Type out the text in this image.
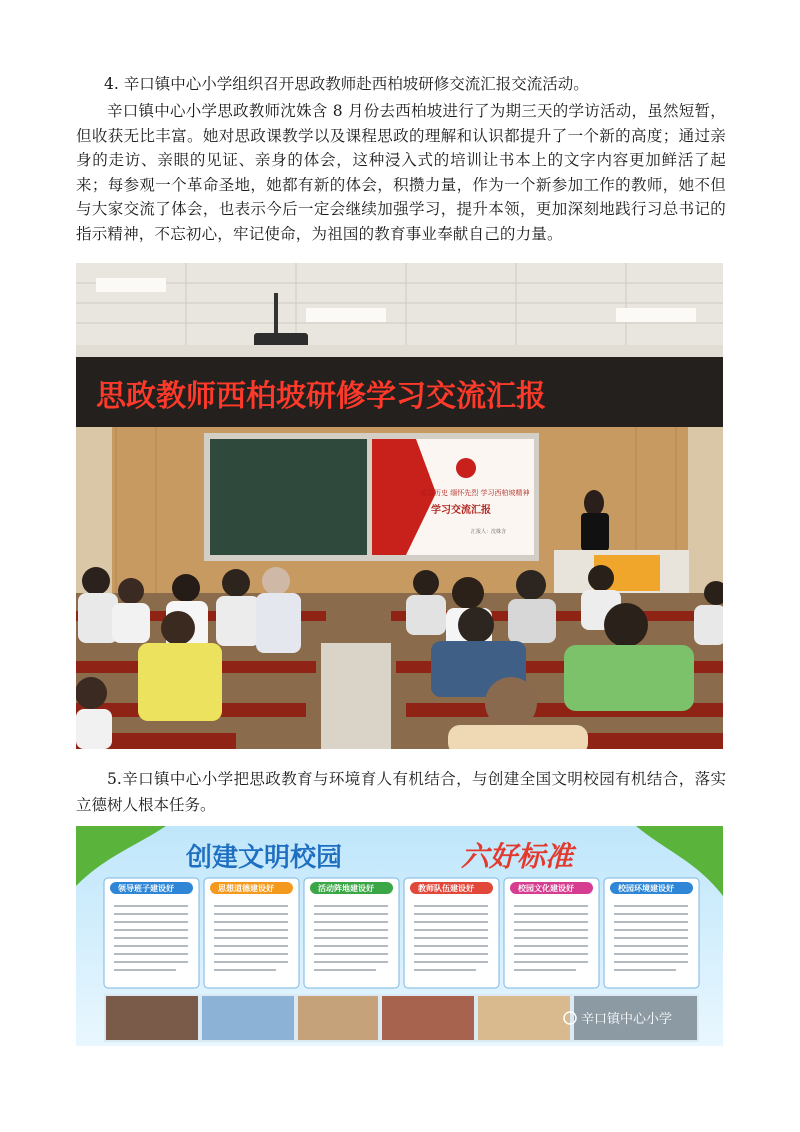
4. 辛口镇中心小学组织召开思政教师赴西柏坡研修交流汇报交流活动。
辛口镇中心小学思政教师沈姝含 8 月份去西柏坡进行了为期三天的学访活动，虽然短暂，但收获无比丰富。她对思政课教学以及课程思政的理解和认识都提升了一个新的高度；通过亲身的走访、亲眼的见证、亲身的体会，这种浸入式的培训让书本上的文字内容更加鲜活了起来；每参观一个革命圣地，她都有新的体会，积攒力量，作为一个新参加工作的教师，她不但与大家交流了体会，也表示今后一定会继续加强学习，提升本领，更加深刻地践行习总书记的指示精神，不忘初心，牢记使命，为祖国的教育事业奉献自己的力量。
思政教师西柏坡研修学习交流汇报
重温历史 缅怀先烈 学习西柏坡精神
学习交流汇报
汇报人：沈姝含
5.辛口镇中心小学把思政教育与环境育人有机结合，与创建全国文明校园有机结合，落实立德树人根本任务。
创建文明校园	六好标准
领导班子建设好	思想道德建设好	活动阵地建设好	教师队伍建设好	校园文化建设好	校园环境建设好
辛口镇中心小学
